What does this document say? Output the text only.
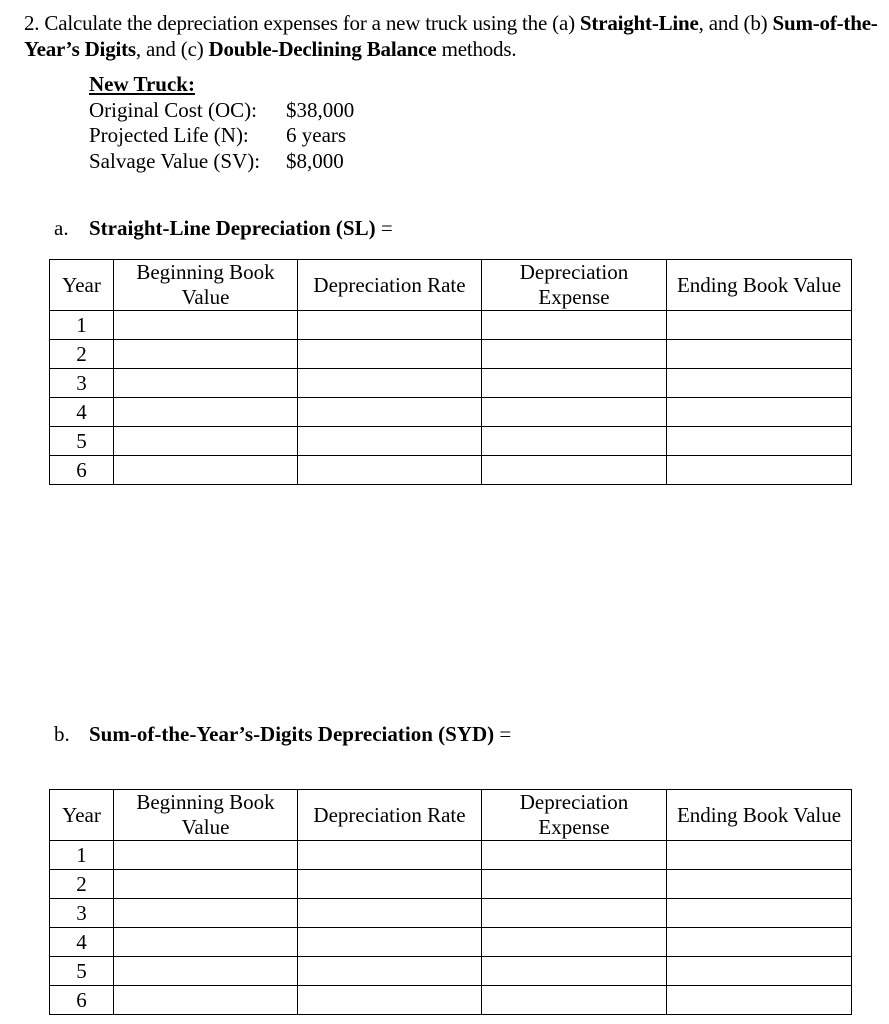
2. Calculate the depreciation expenses for a new truck using the (a) Straight-Line, and (b) Sum-of-the-Year’s Digits, and (c) Double-Declining Balance methods.
New Truck:
Original Cost (OC):	$38,000
Projected Life (N):	6 years
Salvage Value (SV):	$8,000
a. Straight-Line Depreciation (SL) =
Year	Beginning Book Value	Depreciation Rate	Depreciation Expense	Ending Book Value
1				
2				
3				
4				
5				
6				
b. Sum-of-the-Year’s-Digits Depreciation (SYD) =
Year	Beginning Book Value	Depreciation Rate	Depreciation Expense	Ending Book Value
1				
2				
3				
4				
5				
6				
